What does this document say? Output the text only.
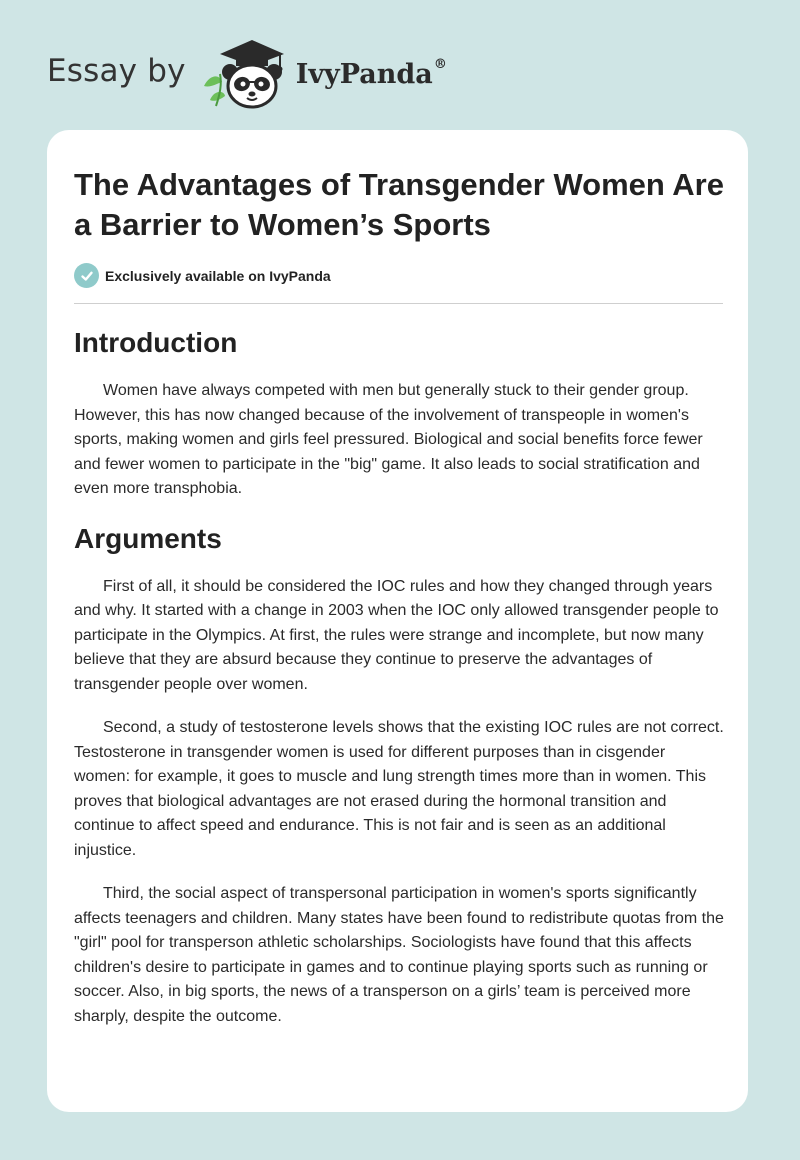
Essay by	IvyPanda®
The Advantages of Transgender Women Are a Barrier to Women’s Sports
Exclusively available on IvyPanda
Introduction

Women have always competed with men but generally stuck to their gender group. However, this has now changed because of the involvement of transpeople in women's sports, making women and girls feel pressured. Biological and social benefits force fewer and fewer women to participate in the "big" game. It also leads to social stratification and even more transphobia.

Arguments

First of all, it should be considered the IOC rules and how they changed through years and why. It started with a change in 2003 when the IOC only allowed transgender people to participate in the Olympics. At first, the rules were strange and incomplete, but now many believe that they are absurd because they continue to preserve the advantages of transgender people over women.

Second, a study of testosterone levels shows that the existing IOC rules are not correct. Testosterone in transgender women is used for different purposes than in cisgender women: for example, it goes to muscle and lung strength times more than in women. This proves that biological advantages are not erased during the hormonal transition and continue to affect speed and endurance. This is not fair and is seen as an additional injustice.

Third, the social aspect of transpersonal participation in women's sports significantly affects teenagers and children. Many states have been found to redistribute quotas from the "girl" pool for transperson athletic scholarships. Sociologists have found that this affects children's desire to participate in games and to continue playing sports such as running or soccer. Also, in big sports, the news of a transperson on a girls’ team is perceived more sharply, despite the outcome.
